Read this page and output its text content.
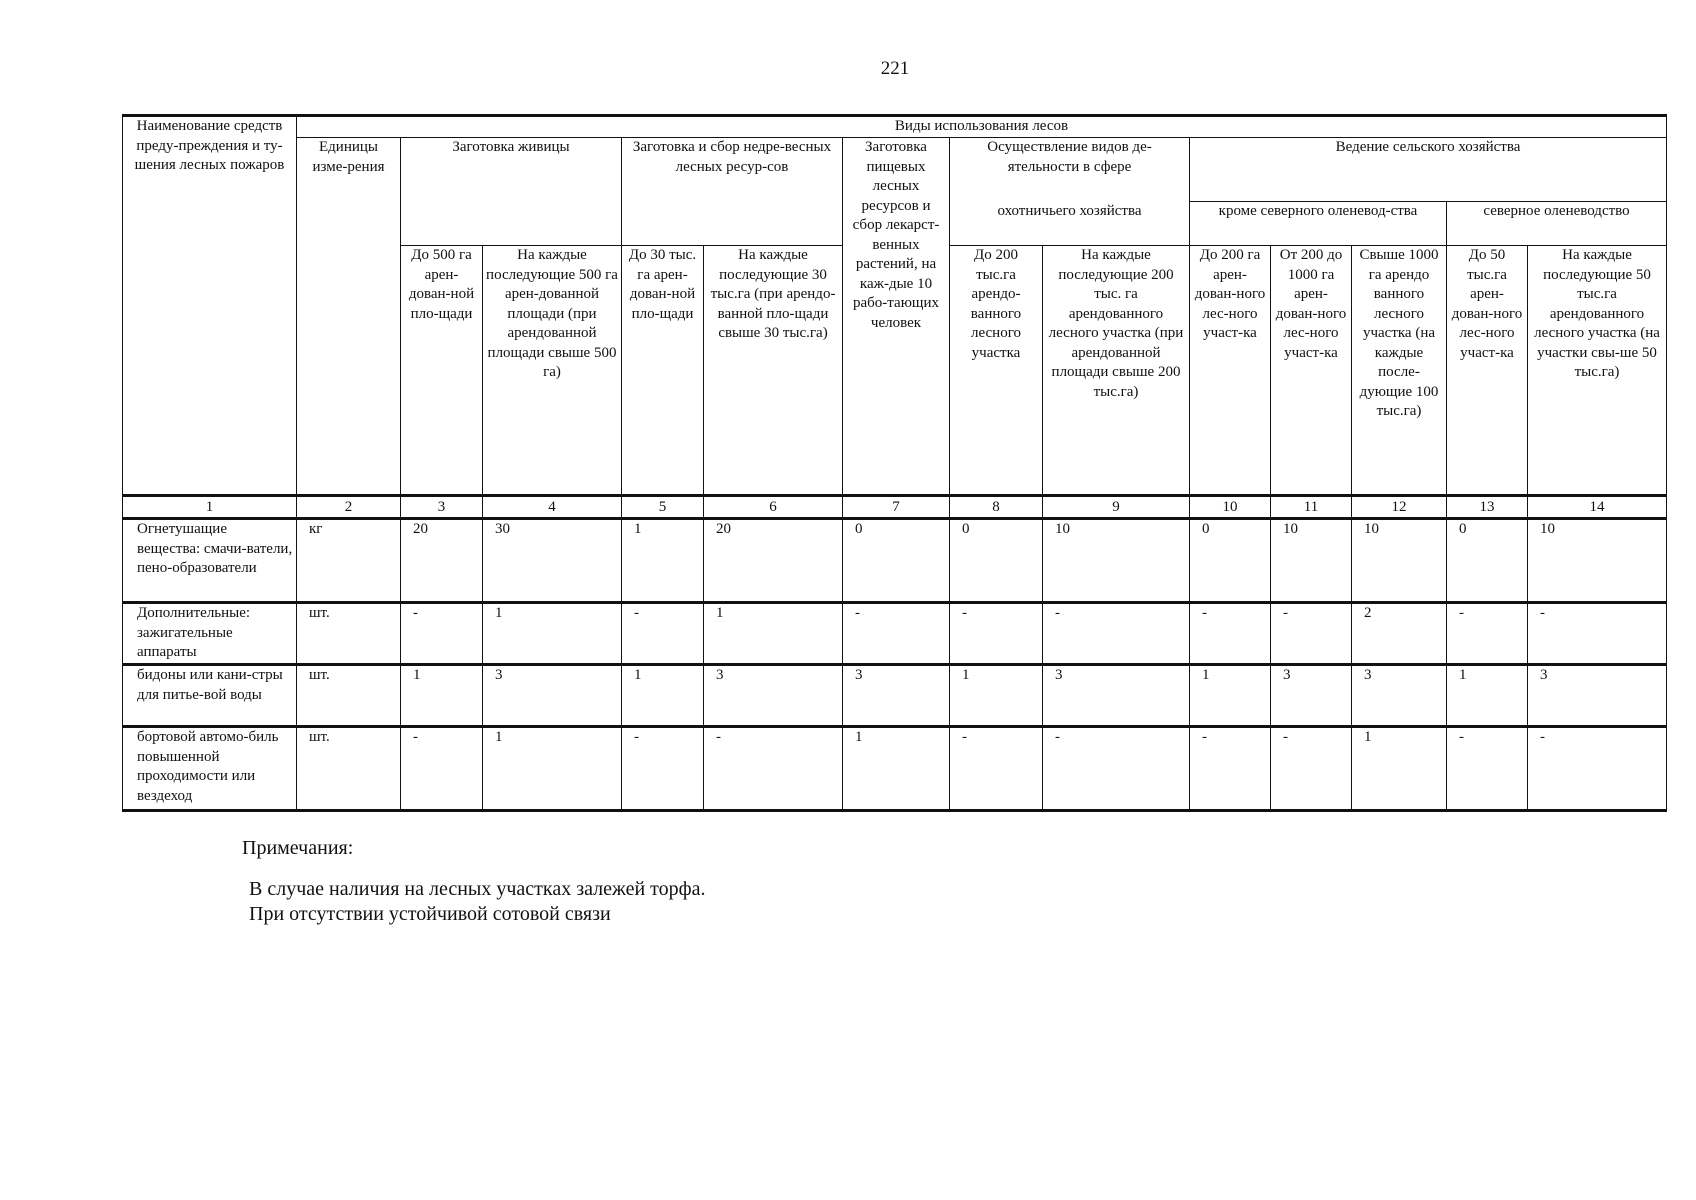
221
Наименование средств преду-преждения и ту-шения лесных пожаров	Виды использования лесов												
	Единицы изме-рения	Заготовка живицы		Заготовка и сбор недре-весных лесных ресур-сов		Заготовка пищевых лесных ресурсов и сбор лекарст-венных растений, на каж-дые 10 рабо-тающих человек	Осуществление видов де-ятельности в сфере		Ведение сельского хозяйства				
							охотничьего хозяйства		кроме северного оленевод-ства			северное оленеводство	
		До 500 га арен-дован-ной пло-щади	На каждые последующие 500 га арен-дованной площади (при арендованной площади свыше 500 га)	До 30 тыс. га арен-дован-ной пло-щади	На каждые последующие 30 тыс.га (при арендо-ванной пло-щади свыше 30 тыс.га)		До 200 тыс.га арендо-ванного лесного участка	На каждые последующие 200 тыс. га арендованного лесного участка (при арендованной площади свыше 200 тыс.га)	До 200 га арен-дован-ного лес-ного участ-ка	От 200 до 1000 га арен-дован-ного лес-ного участ-ка	Свыше 1000 га арендо ванного лесного участка (на каждые после-дующие 100 тыс.га)	До 50 тыс.га арен-дован-ного лес-ного участ-ка	На каждые последующие 50 тыс.га арендованного лесного участка (на участки свы-ше 50 тыс.га)
1	2	3	4	5	6	7	8	9	10	11	12	13	14
Огнетушащие вещества: смачи-ватели, пено-образователи	кг	20	30	1	20	0	0	10	0	10	10	0	10
Дополнительные: зажигательные аппараты	шт.	-	1	-	1	-	-	-	-	-	2	-	-
бидоны или кани-стры для питье-вой воды	шт.	1	3	1	3	3	1	3	1	3	3	1	3
бортовой автомо-биль повышенной проходимости или вездеход	шт.	-	1	-	-	1	-	-	-	-	1	-	-
Примечания:
В случае наличия на лесных участках залежей торфа.
При отсутствии устойчивой сотовой связи
